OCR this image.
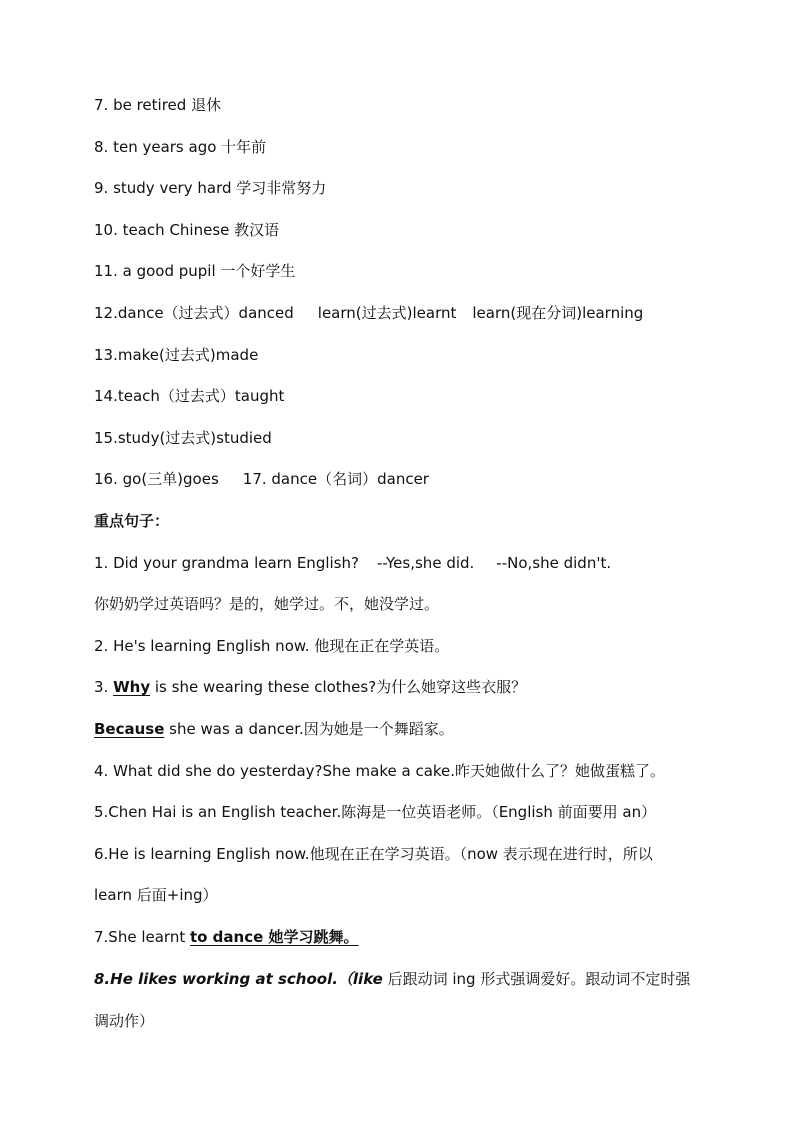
7. be retired 退休
8. ten years ago 十年前
9. study very hard 学习非常努力
10. teach Chinese 教汉语
11. a good pupil 一个好学生
12.dance（过去式）danced learn(过去式)learnt learn(现在分词)learning
13.make(过去式)made
14.teach（过去式）taught
15.study(过去式)studied
16. go(三单)goes 17. dance（名词）dancer
重点句子：
1. Did your grandma learn English? --Yes,she did. --No,she didn't.
你奶奶学过英语吗？是的，她学过。不，她没学过。
2. He's learning English now. 他现在正在学英语。
3. Why is she wearing these clothes?为什么她穿这些衣服？
Because she was a dancer.因为她是一个舞蹈家。
4. What did she do yesterday?She make a cake.昨天她做什么了？她做蛋糕了。
5.Chen Hai is an English teacher.陈海是一位英语老师。（English 前面要用 an）
6.He is learning English now.他现在正在学习英语。（now 表示现在进行时，所以
learn 后面+ing）
7.She learnt to dance 她学习跳舞。
8.He likes working at school.（like 后跟动词 ing 形式强调爱好。跟动词不定时强
调动作）
